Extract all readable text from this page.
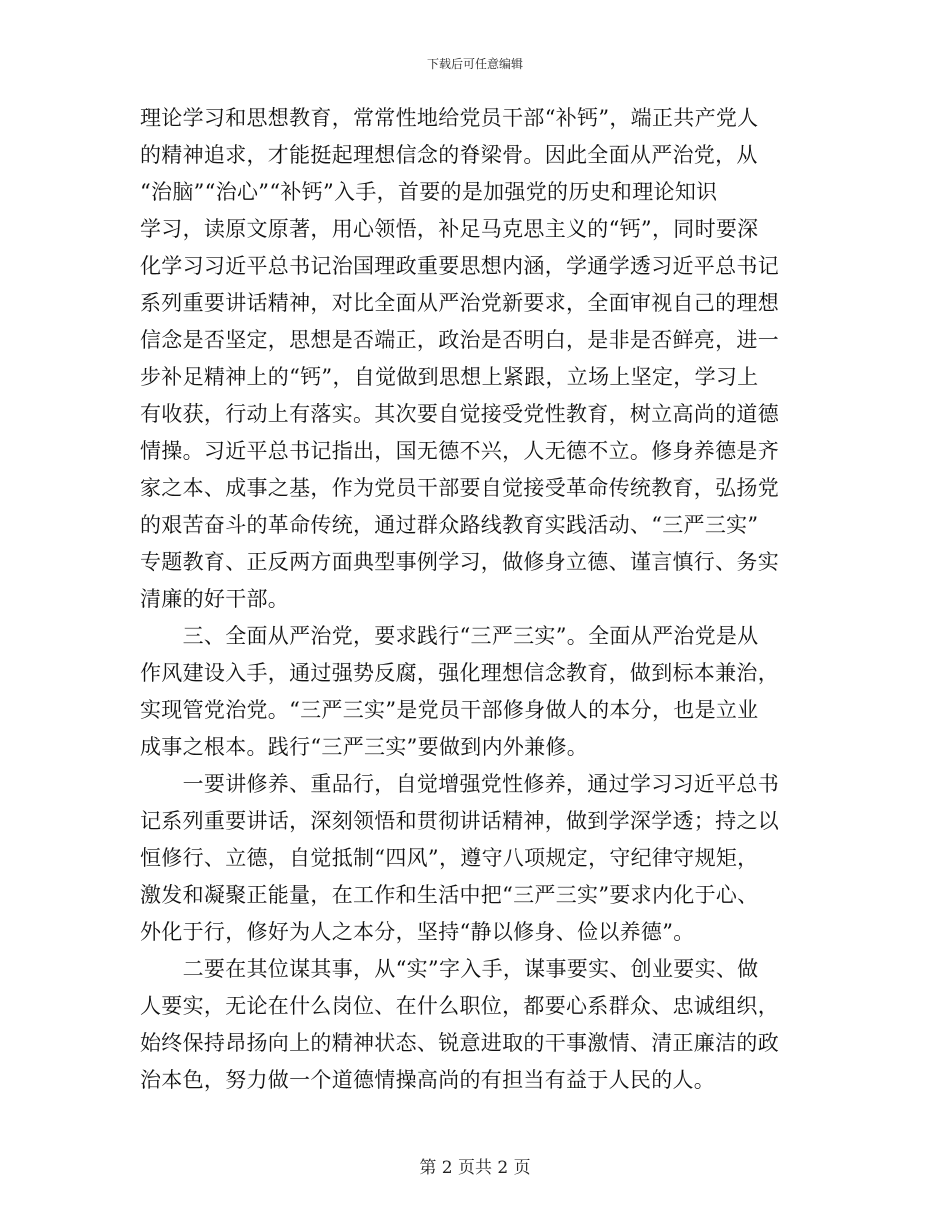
下载后可任意编辑
理论学习和思想教育，常常性地给党员干部“补钙”，端正共产党人
的精神追求，才能挺起理想信念的脊梁骨。因此全面从严治党，从
“治脑”“治心”“补钙”入手，首要的是加强党的历史和理论知识
学习，读原文原著，用心领悟，补足马克思主义的“钙”，同时要深
化学习习近平总书记治国理政重要思想内涵，学通学透习近平总书记
系列重要讲话精神，对比全面从严治党新要求，全面审视自己的理想
信念是否坚定，思想是否端正，政治是否明白，是非是否鲜亮，进一
步补足精神上的“钙”，自觉做到思想上紧跟，立场上坚定，学习上
有收获，行动上有落实。其次要自觉接受党性教育，树立高尚的道德
情操。习近平总书记指出，国无德不兴，人无德不立。修身养德是齐
家之本、成事之基，作为党员干部要自觉接受革命传统教育，弘扬党
的艰苦奋斗的革命传统，通过群众路线教育实践活动、“三严三实”
专题教育、正反两方面典型事例学习，做修身立德、谨言慎行、务实
清廉的好干部。
　　三、全面从严治党，要求践行“三严三实”。全面从严治党是从
作风建设入手，通过强势反腐，强化理想信念教育，做到标本兼治，
实现管党治党。“三严三实”是党员干部修身做人的本分，也是立业
成事之根本。践行“三严三实”要做到内外兼修。
　　一要讲修养、重品行，自觉增强党性修养，通过学习习近平总书
记系列重要讲话，深刻领悟和贯彻讲话精神，做到学深学透；持之以
恒修行、立德，自觉抵制“四风”，遵守八项规定，守纪律守规矩，
激发和凝聚正能量，在工作和生活中把“三严三实”要求内化于心、
外化于行，修好为人之本分，坚持“静以修身、俭以养德”。
　　二要在其位谋其事，从“实”字入手，谋事要实、创业要实、做
人要实，无论在什么岗位、在什么职位，都要心系群众、忠诚组织，
始终保持昂扬向上的精神状态、锐意进取的干事激情、清正廉洁的政
治本色，努力做一个道德情操高尚的有担当有益于人民的人。
第 2 页共 2 页
